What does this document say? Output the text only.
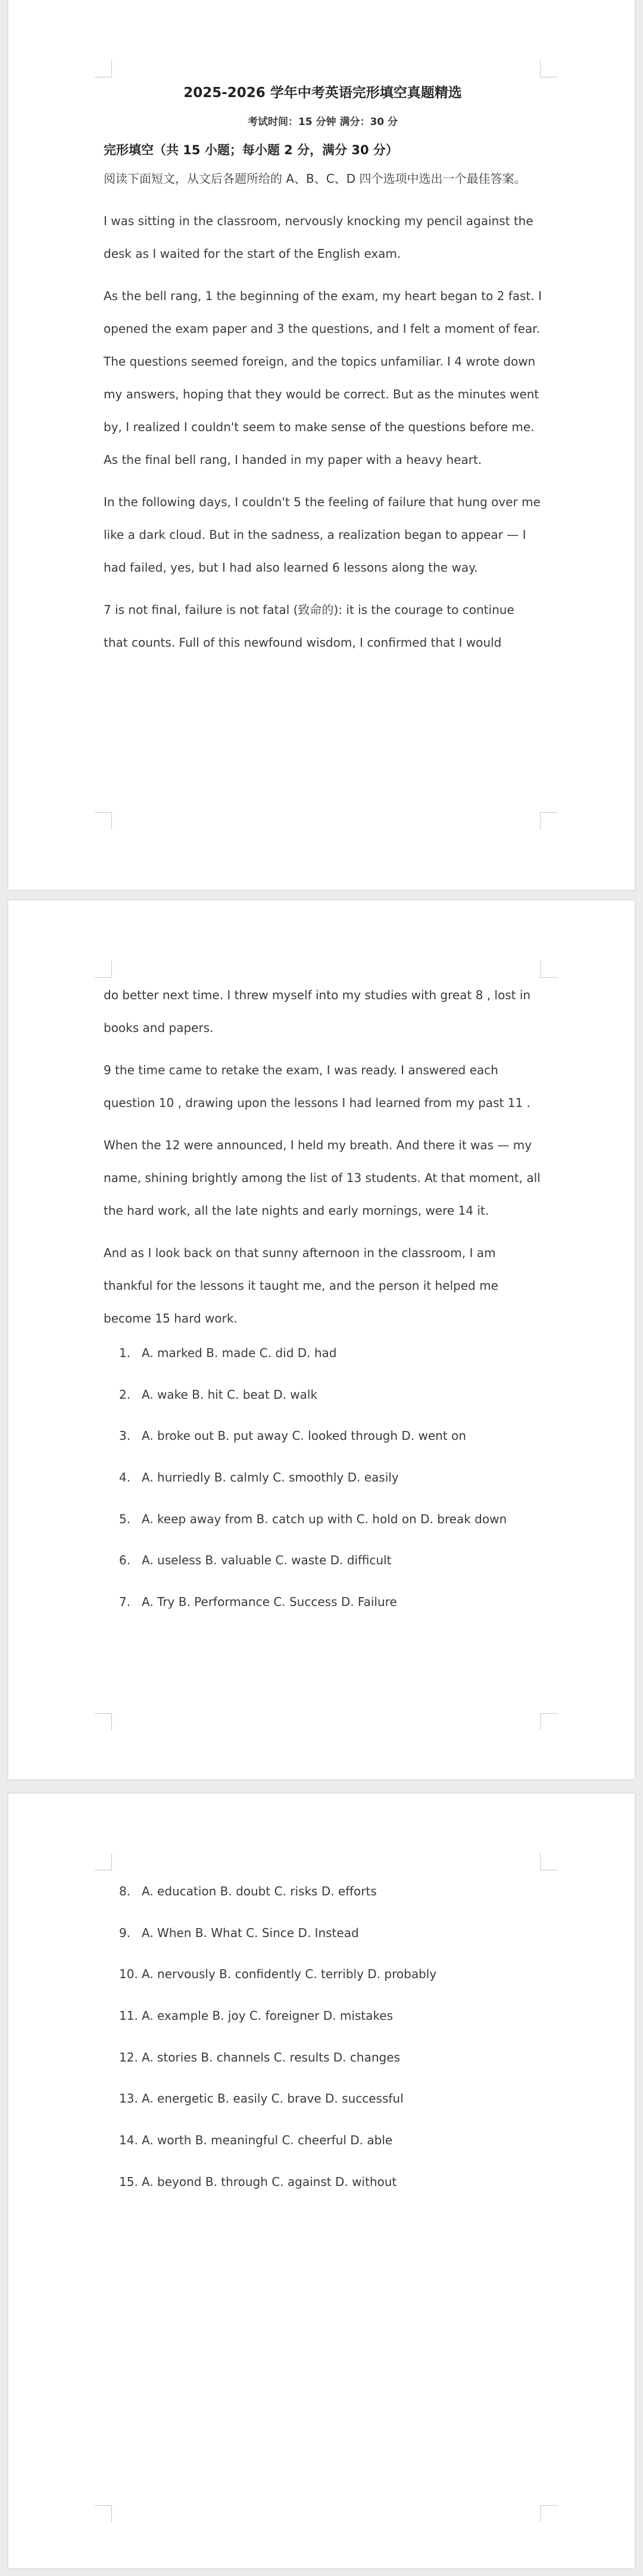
2025-2026 学年中考英语完形填空真题精选
考试时间：15 分钟 满分：30 分
完形填空（共 15 小题；每小题 2 分，满分 30 分）

阅读下面短文，从文后各题所给的 A、B、C、D 四个选项中选出一个最佳答案。

I was sitting in the classroom, nervously knocking my pencil against the desk as I waited for the start of the English exam.

As the bell rang, 1 the beginning of the exam, my heart began to 2 fast. I opened the exam paper and 3 the questions, and I felt a moment of fear. The questions seemed foreign, and the topics unfamiliar. I 4 wrote down my answers, hoping that they would be correct. But as the minutes went by, I realized I couldn't seem to make sense of the questions before me. As the final bell rang, I handed in my paper with a heavy heart.

In the following days, I couldn't 5 the feeling of failure that hung over me like a dark cloud. But in the sadness, a realization began to appear — I had failed, yes, but I had also learned 6 lessons along the way.

7 is not final, failure is not fatal (致命的): it is the courage to continue that counts. Full of this newfound wisdom, I confirmed that I would

do better next time. I threw myself into my studies with great 8 , lost in books and papers.

9 the time came to retake the exam, I was ready. I answered each question 10 , drawing upon the lessons I had learned from my past 11 .

When the 12 were announced, I held my breath. And there it was — my name, shining brightly among the list of 13 students. At that moment, all the hard work, all the late nights and early mornings, were 14 it.

And as I look back on that sunny afternoon in the classroom, I am thankful for the lessons it taught me, and the person it helped me become 15 hard work.

1. A. marked B. made C. did D. had
2. A. wake B. hit C. beat D. walk
3. A. broke out B. put away C. looked through D. went on
4. A. hurriedly B. calmly C. smoothly D. easily
5. A. keep away from B. catch up with C. hold on D. break down
6. A. useless B. valuable C. waste D. difficult
7. A. Try B. Performance C. Success D. Failure
8. A. education B. doubt C. risks D. efforts
9. A. When B. What C. Since D. Instead
10. A. nervously B. confidently C. terribly D. probably
11. A. example B. joy C. foreigner D. mistakes
12. A. stories B. channels C. results D. changes
13. A. energetic B. easily C. brave D. successful
14. A. worth B. meaningful C. cheerful D. able
15. A. beyond B. through C. against D. without
